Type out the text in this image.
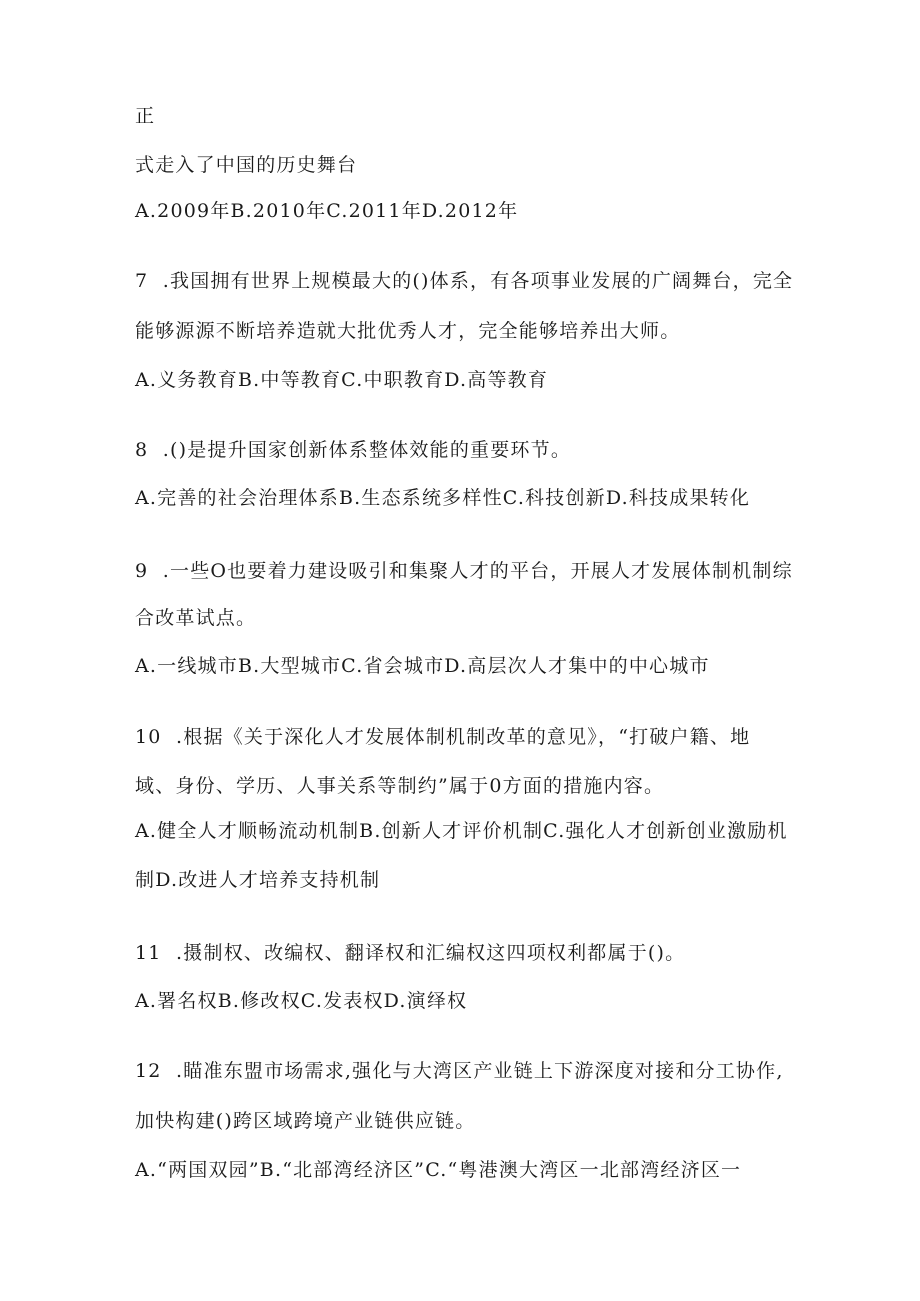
正

式走入了中国的历史舞台

A.2009年B.2010年C.2011年D.2012年

7  .我国拥有世界上规模最大的()体系，有各项事业发展的广阔舞台，完全

能够源源不断培养造就大批优秀人才，完全能够培养出大师。

A.义务教育B.中等教育C.中职教育D.高等教育

8  .()是提升国家创新体系整体效能的重要环节。

A.完善的社会治理体系B.生态系统多样性C.科技创新D.科技成果转化

9  .一些O也要着力建设吸引和集聚人才的平台，开展人才发展体制机制综

合改革试点。

A.一线城市B.大型城市C.省会城市D.高层次人才集中的中心城市

10  .根据《关于深化人才发展体制机制改革的意见》，“打破户籍、地

域、身份、学历、人事关系等制约”属于0方面的措施内容。

A.健全人才顺畅流动机制B.创新人才评价机制C.强化人才创新创业激励机

制D.改进人才培养支持机制

11  .摄制权、改编权、翻译权和汇编权这四项权利都属于()。

A.署名权B.修改权C.发表权D.演绎权

12  .瞄准东盟市场需求,强化与大湾区产业链上下游深度对接和分工协作,

加快构建()跨区域跨境产业链供应链。

A.“两国双园”B.“北部湾经济区”C.“粤港澳大湾区一北部湾经济区一
